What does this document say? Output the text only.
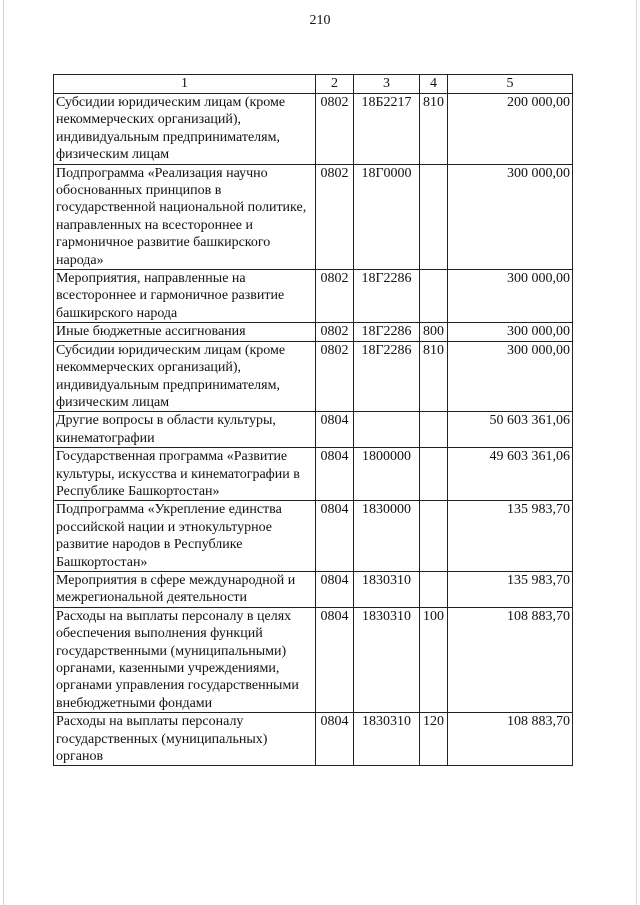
210
1	2	3	4	5
Субсидии юридическим лицам (кроме некоммерческих организаций), индивидуальным предпринимателям, физическим лицам	0802	18Б2217	810	200 000,00
Подпрограмма «Реализация научно обоснованных принципов в государственной национальной политике, направленных на всестороннее и гармоничное развитие башкирского народа»	0802	18Г0000		300 000,00
Мероприятия, направленные на всестороннее и гармоничное развитие башкирского народа	0802	18Г2286		300 000,00
Иные бюджетные ассигнования	0802	18Г2286	800	300 000,00
Субсидии юридическим лицам (кроме некоммерческих организаций), индивидуальным предпринимателям, физическим лицам	0802	18Г2286	810	300 000,00
Другие вопросы в области культуры, кинематографии	0804			50 603 361,06
Государственная программа «Развитие культуры, искусства и кинематографии в Республике Башкортостан»	0804	1800000		49 603 361,06
Подпрограмма «Укрепление единства российской нации и этнокультурное развитие народов в Республике Башкортостан»	0804	1830000		135 983,70
Мероприятия в сфере международной и межрегиональной деятельности	0804	1830310		135 983,70
Расходы на выплаты персоналу в целях обеспечения выполнения функций государственными (муниципальными) органами, казенными учреждениями, органами управления государственными внебюджетными фондами	0804	1830310	100	108 883,70
Расходы на выплаты персоналу государственных (муниципальных) органов	0804	1830310	120	108 883,70
